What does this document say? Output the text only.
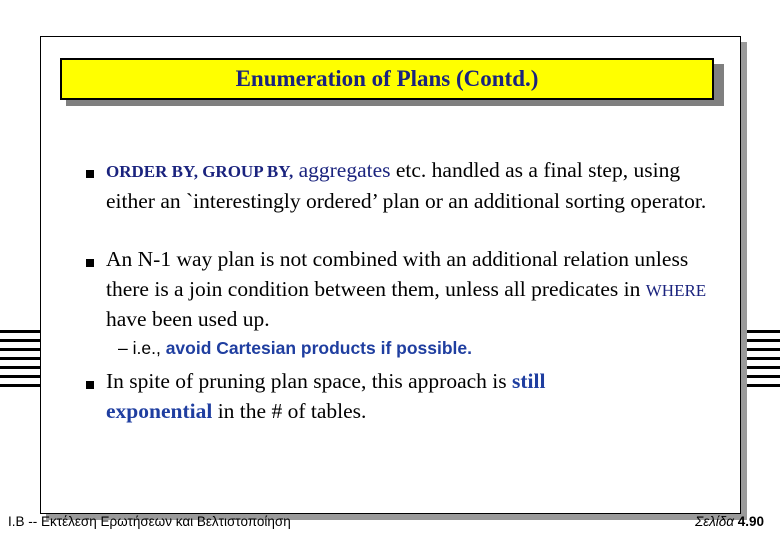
Enumeration of Plans (Contd.)
ORDER BY, GROUP BY, aggregates etc. handled as a final step, using either an `interestingly ordered’ plan or an additional sorting operator.
An N-1 way plan is not combined with an additional relation unless there is a join condition between them, unless all predicates in WHERE have been used up.
– i.e., avoid Cartesian products if possible.
In spite of pruning plan space, this approach is still
exponential in the # of tables.
I.B -- Εκτέλεση Ερωτήσεων και Βελτιστοποίηση	Σελίδα 4.90
